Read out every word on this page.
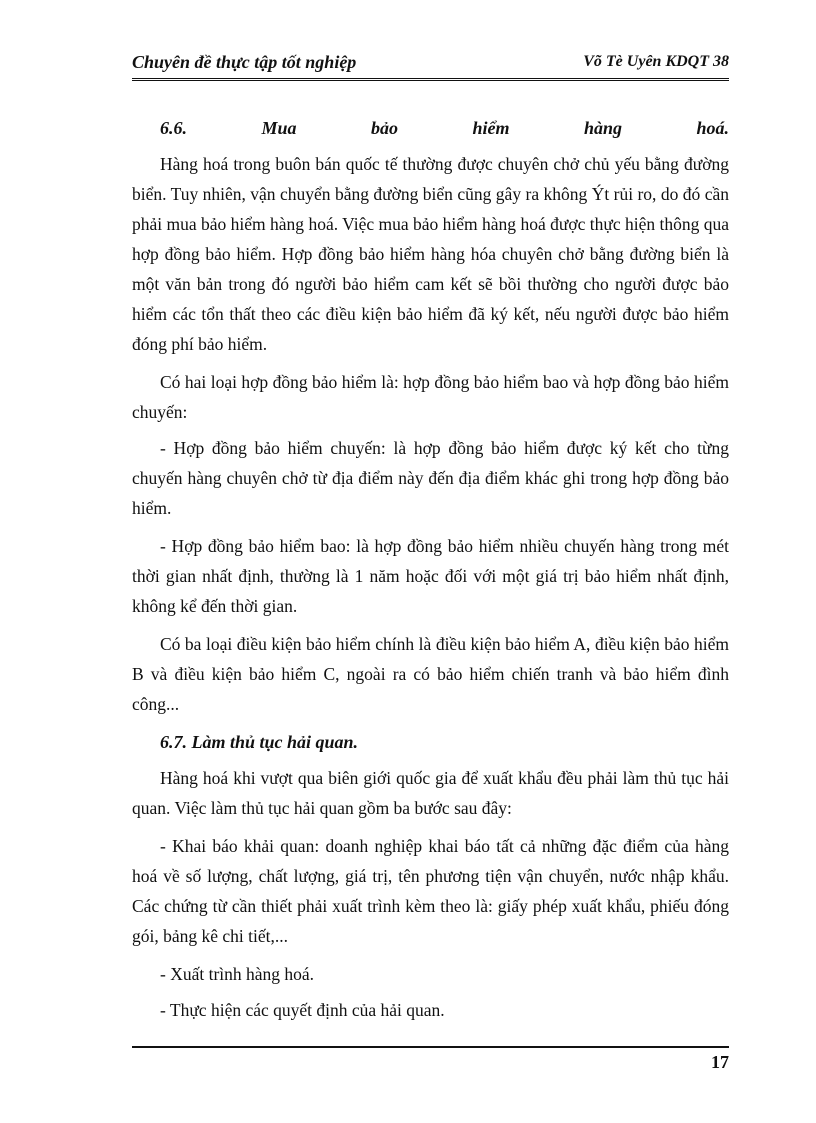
Chuyên đề thực tập tốt nghiệp	Võ Tè Uyên KDQT 38
6.6.	Mua	bảo	hiểm	hàng	hoá.

Hàng hoá trong buôn bán quốc tế thường được chuyên chở chủ yếu bằng đường biển. Tuy nhiên, vận chuyển bằng đường biển cũng gây ra không Ýt rủi ro, do đó cần phải mua bảo hiểm hàng hoá. Việc mua bảo hiểm hàng hoá được thực hiện thông qua hợp đồng bảo hiểm. Hợp đồng bảo hiểm hàng hóa chuyên chở bằng đường biển là một văn bản trong đó người bảo hiểm cam kết sẽ bồi thường cho người được bảo hiểm các tổn thất theo các điều kiện bảo hiểm đã ký kết, nếu người được bảo hiểm đóng phí bảo hiểm.

Có hai loại hợp đồng bảo hiểm là: hợp đồng bảo hiểm bao và hợp đồng bảo hiểm chuyến:

- Hợp đồng bảo hiểm chuyến: là hợp đồng bảo hiểm được ký kết cho từng chuyến hàng chuyên chở từ địa điểm này đến địa điểm khác ghi trong hợp đồng bảo hiểm.

- Hợp đồng bảo hiểm bao: là hợp đồng bảo hiểm nhiều chuyến hàng trong mét thời gian nhất định, thường là 1 năm hoặc đối với một giá trị bảo hiểm nhất định, không kể đến thời gian.

Có ba loại điều kiện bảo hiểm chính là điều kiện bảo hiểm A, điều kiện bảo hiểm B và điều kiện bảo hiểm C, ngoài ra có bảo hiểm chiến tranh và bảo hiểm đình công...

6.7. Làm thủ tục hải quan.

Hàng hoá khi vượt qua biên giới quốc gia để xuất khẩu đều phải làm thủ tục hải quan. Việc làm thủ tục hải quan gồm ba bước sau đây:

- Khai báo khải quan: doanh nghiệp khai báo tất cả những đặc điểm của hàng hoá về số lượng, chất lượng, giá trị, tên phương tiện vận chuyển, nước nhập khẩu. Các chứng từ cần thiết phải xuất trình kèm theo là: giấy phép xuất khẩu, phiếu đóng gói, bảng kê chi tiết,...

- Xuất trình hàng hoá.

- Thực hiện các quyết định của hải quan.

17
